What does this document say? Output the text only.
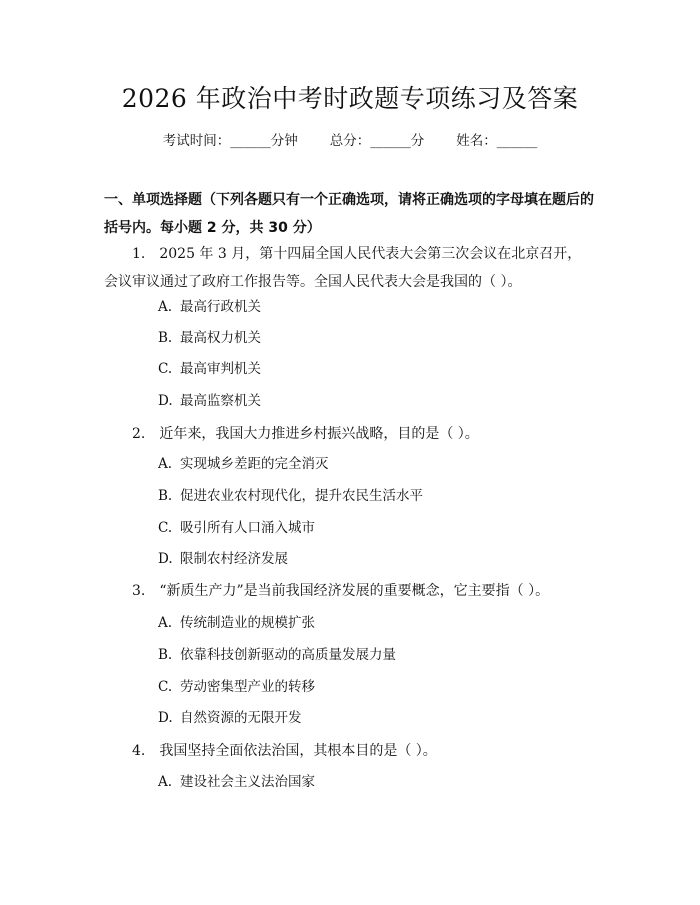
2026 年政治中考时政题专项练习及答案
考试时间：______分钟 总分：______分 姓名：______
一、单项选择题（下列各题只有一个正确选项，请将正确选项的字母填在题后的括号内。每小题 2 分，共 30 分）
1.　2025 年 3 月，第十四届全国人民代表大会第三次会议在北京召开，会议审议通过了政府工作报告等。全国人民代表大会是我国的（ ）。
A. 最高行政机关
B. 最高权力机关
C. 最高审判机关
D. 最高监察机关
2.　近年来，我国大力推进乡村振兴战略，目的是（ ）。
A. 实现城乡差距的完全消灭
B. 促进农业农村现代化，提升农民生活水平
C. 吸引所有人口涌入城市
D. 限制农村经济发展
3.　“新质生产力”是当前我国经济发展的重要概念，它主要指（ ）。
A. 传统制造业的规模扩张
B. 依靠科技创新驱动的高质量发展力量
C. 劳动密集型产业的转移
D. 自然资源的无限开发
4.　我国坚持全面依法治国，其根本目的是（ ）。
A. 建设社会主义法治国家
